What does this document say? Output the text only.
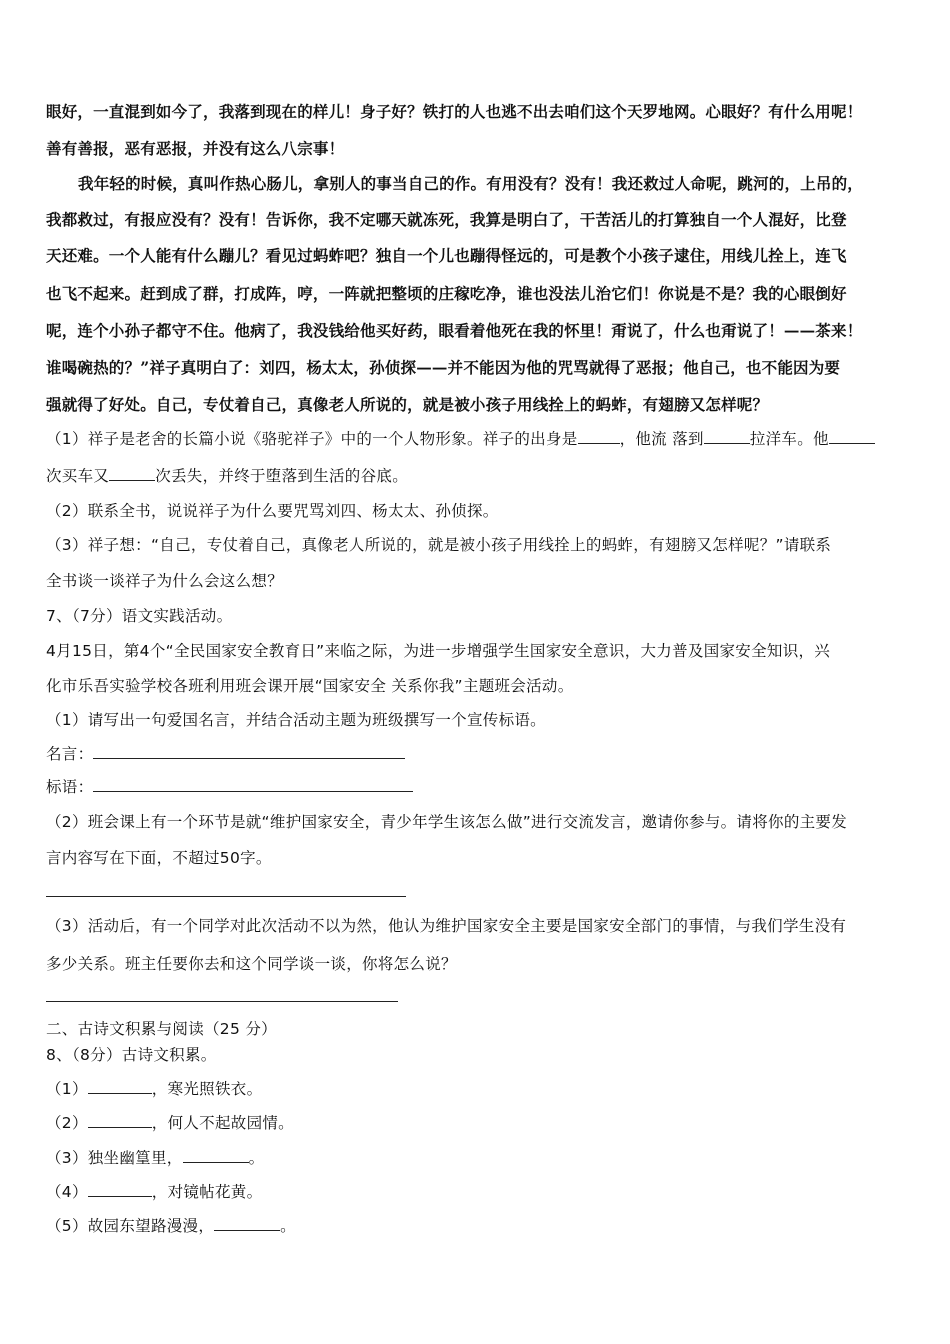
眼好，一直混到如今了，我落到现在的样儿！身子好？铁打的人也逃不出去咱们这个天罗地网。心眼好？有什么用呢！
善有善报，恶有恶报，并没有这么八宗事！
我年轻的时候，真叫作热心肠儿，拿别人的事当自己的作。有用没有？没有！我还救过人命呢，跳河的，上吊的，
我都救过，有报应没有？没有！告诉你，我不定哪天就冻死，我算是明白了，干苦活儿的打算独自一个人混好，比登
天还难。一个人能有什么蹦儿？看见过蚂蚱吧？独自一个儿也蹦得怪远的，可是教个小孩子逮住，用线儿拴上，连飞
也飞不起来。赶到成了群，打成阵，哼，一阵就把整顷的庄稼吃净，谁也没法儿治它们！你说是不是？我的心眼倒好
呢，连个小孙子都守不住。他病了，我没钱给他买好药，眼看着他死在我的怀里！甭说了，什么也甭说了！——茶来！
谁喝碗热的？”祥子真明白了：刘四，杨太太，孙侦探——并不能因为他的咒骂就得了恶报；他自己，也不能因为要
强就得了好处。自己，专仗着自己，真像老人所说的，就是被小孩子用线拴上的蚂蚱，有翅膀又怎样呢？
（1）祥子是老舍的长篇小说《骆驼祥子》中的一个人物形象。祥子的出身是	，他流 落到	拉洋车。他
次买车又	次丢失，并终于堕落到生活的谷底。
（2）联系全书，说说祥子为什么要咒骂刘四、杨太太、孙侦探。
（3）祥子想：“自己，专仗着自己，真像老人所说的，就是被小孩子用线拴上的蚂蚱，有翅膀又怎样呢？”请联系
全书谈一谈祥子为什么会这么想？
7、（7分）语文实践活动。
4月15日，第4个“全民国家安全教育日”来临之际，为进一步增强学生国家安全意识，大力普及国家安全知识，兴
化市乐吾实验学校各班利用班会课开展“国家安全 关系你我”主题班会活动。
（1）请写出一句爱国名言，并结合活动主题为班级撰写一个宣传标语。
名言：
标语：
（2）班会课上有一个环节是就“维护国家安全，青少年学生该怎么做”进行交流发言，邀请你参与。请将你的主要发
言内容写在下面，不超过50字。
（3）活动后，有一个同学对此次活动不以为然，他认为维护国家安全主要是国家安全部门的事情，与我们学生没有
多少关系。班主任要你去和这个同学谈一谈，你将怎么说？
二、古诗文积累与阅读（25 分）
8、（8分）古诗文积累。
（1）	，寒光照铁衣。
（2）	，何人不起故园情。
（3）独坐幽篁里，	。
（4）	，对镜帖花黄。
（5）故园东望路漫漫，	。
